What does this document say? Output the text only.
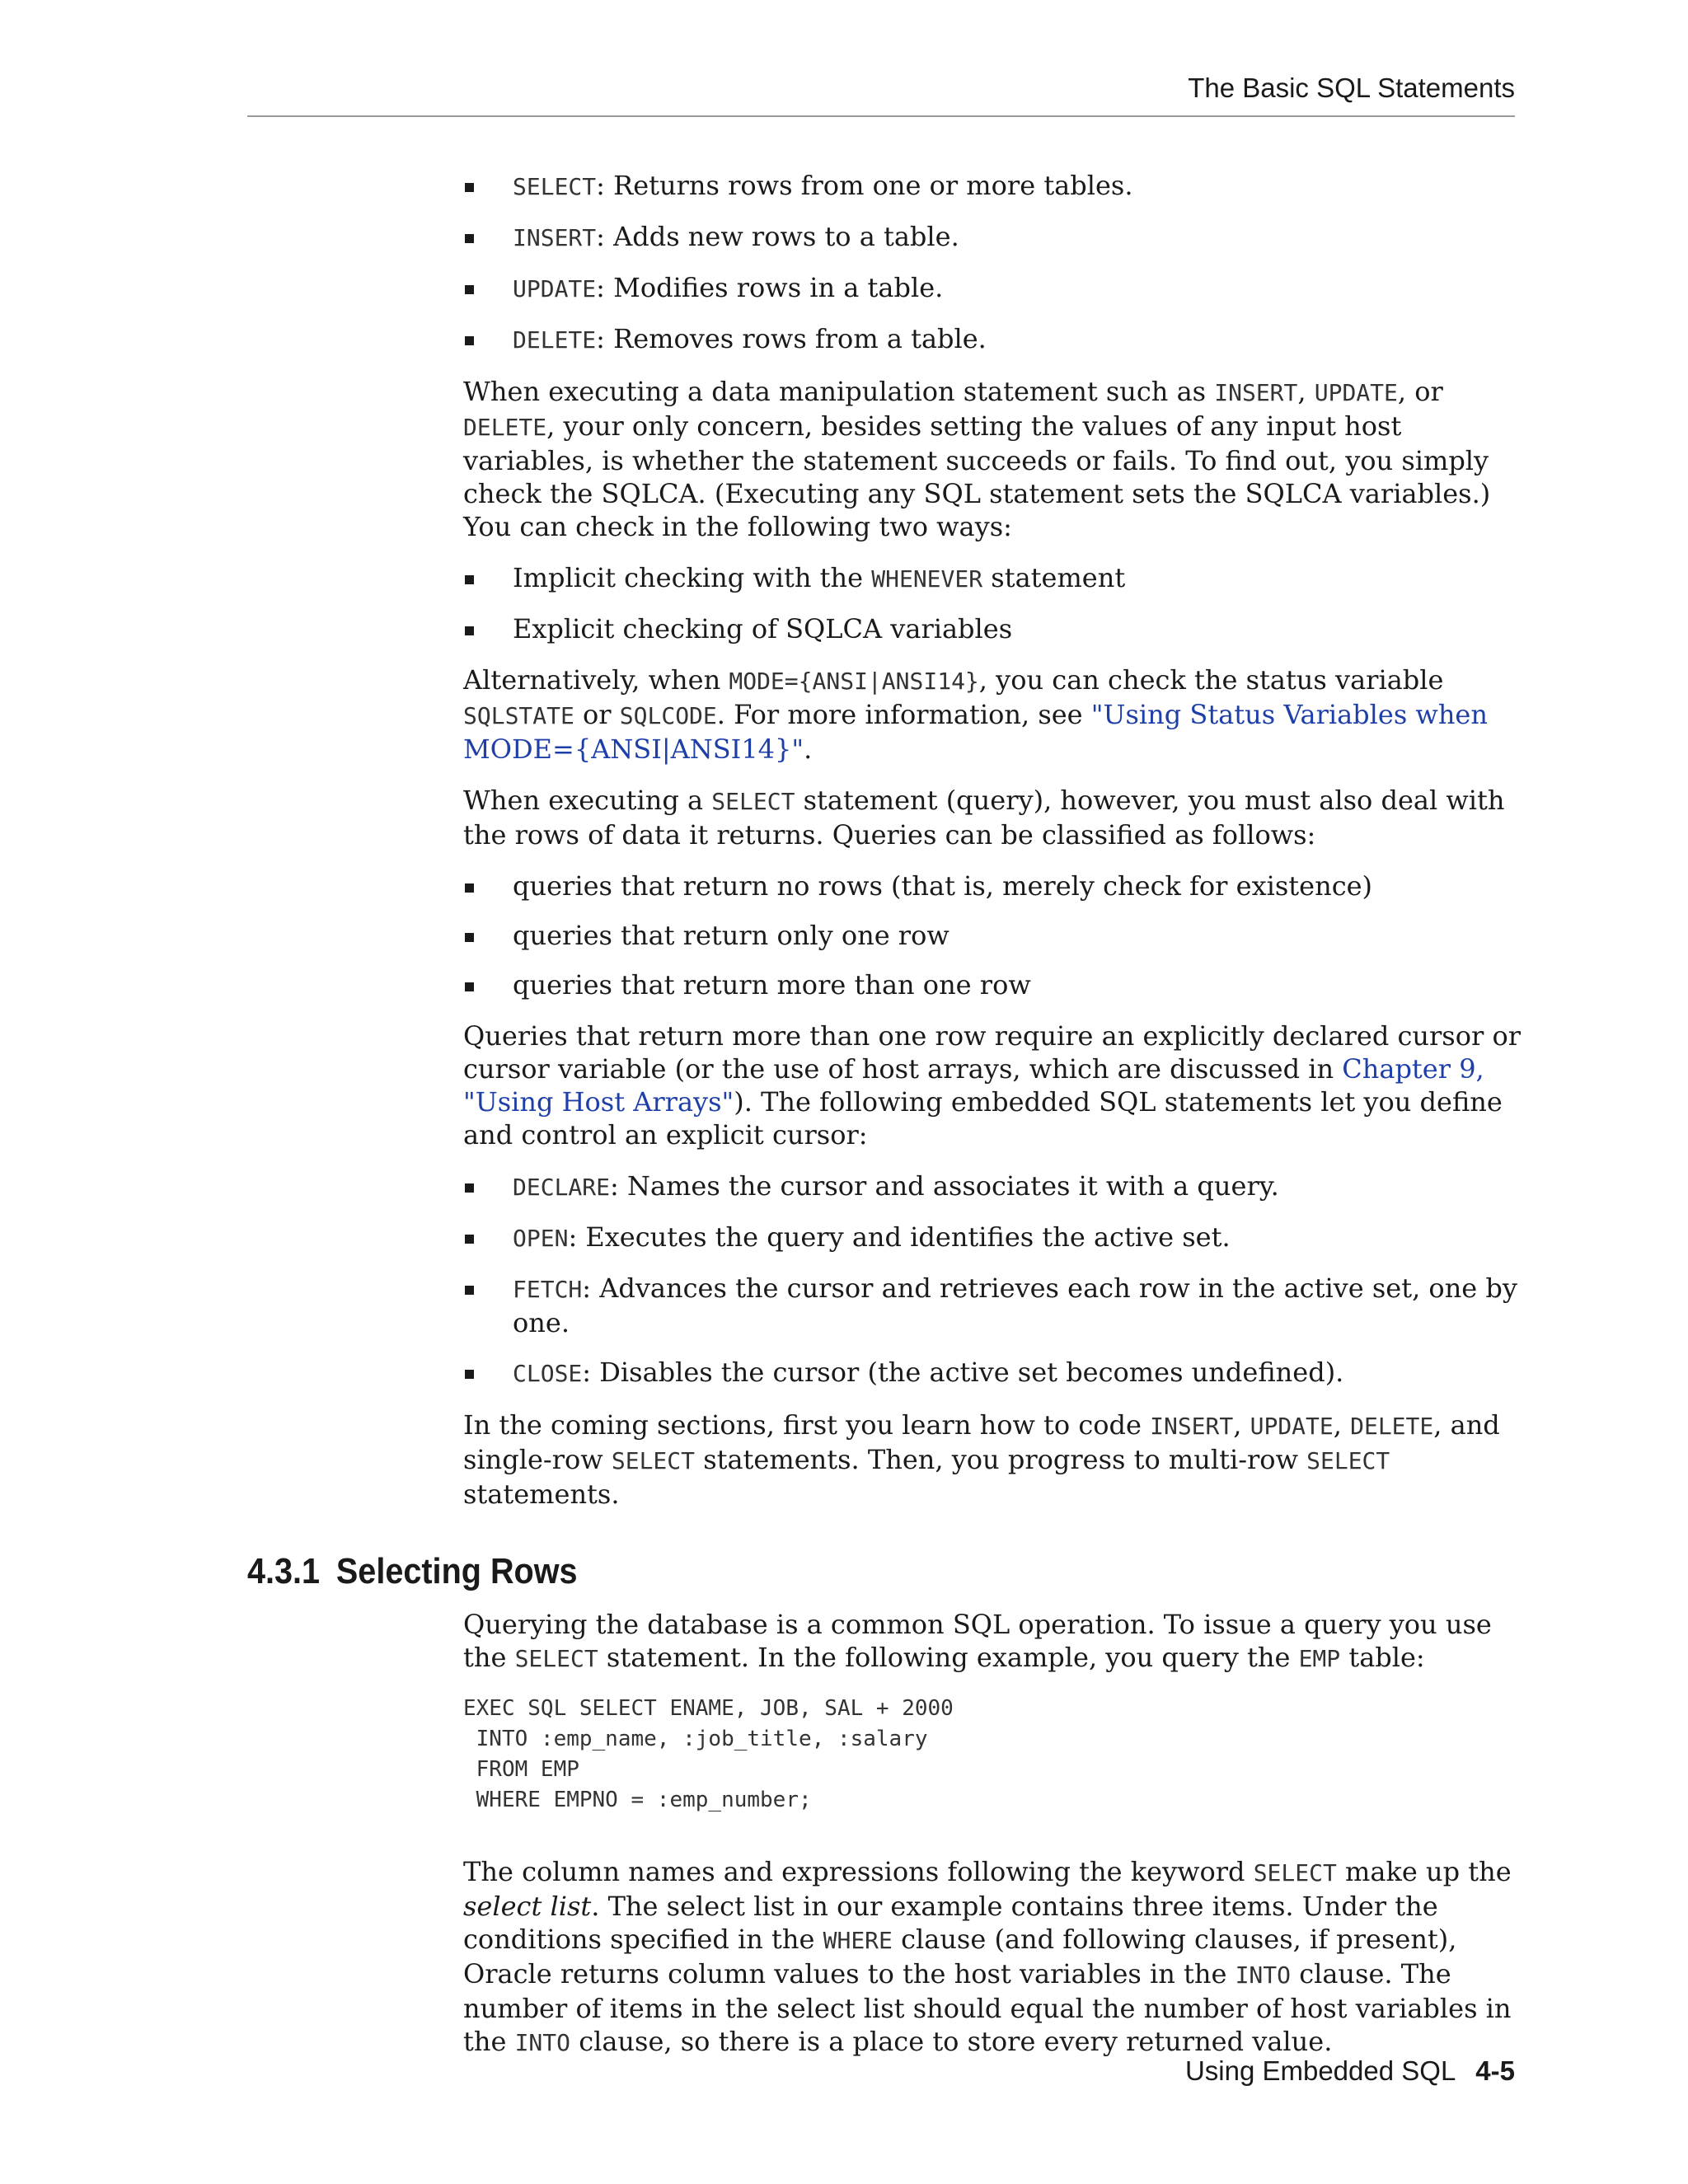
The Basic SQL Statements
SELECT: Returns rows from one or more tables.
INSERT: Adds new rows to a table.
UPDATE: Modifies rows in a table.
DELETE: Removes rows from a table.

When executing a data manipulation statement such as INSERT, UPDATE, or DELETE, your only concern, besides setting the values of any input host variables, is whether the statement succeeds or fails. To find out, you simply check the SQLCA. (Executing any SQL statement sets the SQLCA variables.) You can check in the following two ways:

Implicit checking with the WHENEVER statement
Explicit checking of SQLCA variables

Alternatively, when MODE={ANSI|ANSI14}, you can check the status variable SQLSTATE or SQLCODE. For more information, see "Using Status Variables when MODE={ANSI|ANSI14}".

When executing a SELECT statement (query), however, you must also deal with the rows of data it returns. Queries can be classified as follows:

queries that return no rows (that is, merely check for existence)
queries that return only one row
queries that return more than one row

Queries that return more than one row require an explicitly declared cursor or cursor variable (or the use of host arrays, which are discussed in Chapter 9, "Using Host Arrays"). The following embedded SQL statements let you define and control an explicit cursor:

DECLARE: Names the cursor and associates it with a query.
OPEN: Executes the query and identifies the active set.
FETCH: Advances the cursor and retrieves each row in the active set, one by one.
CLOSE: Disables the cursor (the active set becomes undefined).

In the coming sections, first you learn how to code INSERT, UPDATE, DELETE, and single-row SELECT statements. Then, you progress to multi-row SELECT statements.

4.3.1 Selecting Rows

Querying the database is a common SQL operation. To issue a query you use the SELECT statement. In the following example, you query the EMP table:

EXEC SQL SELECT ENAME, JOB, SAL + 2000
INTO :emp_name, :job_title, :salary
FROM EMP
WHERE EMPNO = :emp_number;

The column names and expressions following the keyword SELECT make up the select list. The select list in our example contains three items. Under the conditions specified in the WHERE clause (and following clauses, if present), Oracle returns column values to the host variables in the INTO clause. The number of items in the select list should equal the number of host variables in the INTO clause, so there is a place to store every returned value.

Using Embedded SQL 4-5
